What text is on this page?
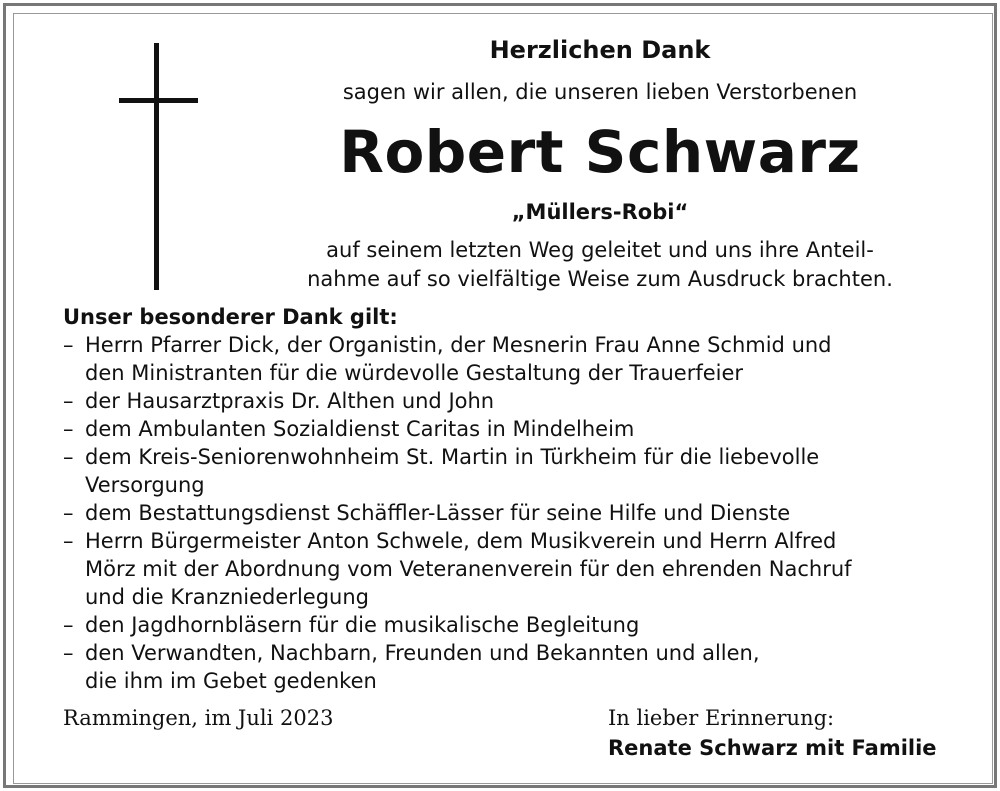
Herzlichen Dank
sagen wir allen, die unseren lieben Verstorbenen
Robert Schwarz
„Müllers-Robi“
auf seinem letzten Weg geleitet und uns ihre Anteil-
nahme auf so vielfältige Weise zum Ausdruck brachten.
Unser besonderer Dank gilt:
– Herrn Pfarrer Dick, der Organistin, der Mesnerin Frau Anne Schmid und
den Ministranten für die würdevolle Gestaltung der Trauerfeier
– der Hausarztpraxis Dr. Althen und John
– dem Ambulanten Sozialdienst Caritas in Mindelheim
– dem Kreis-Seniorenwohnheim St. Martin in Türkheim für die liebevolle
Versorgung
– dem Bestattungsdienst Schäffler-Lässer für seine Hilfe und Dienste
– Herrn Bürgermeister Anton Schwele, dem Musikverein und Herrn Alfred
Mörz mit der Abordnung vom Veteranenverein für den ehrenden Nachruf
und die Kranzniederlegung
– den Jagdhornbläsern für die musikalische Begleitung
– den Verwandten, Nachbarn, Freunden und Bekannten und allen,
die ihm im Gebet gedenken
Rammingen, im Juli 2023	In lieber Erinnerung:
Renate Schwarz mit Familie
